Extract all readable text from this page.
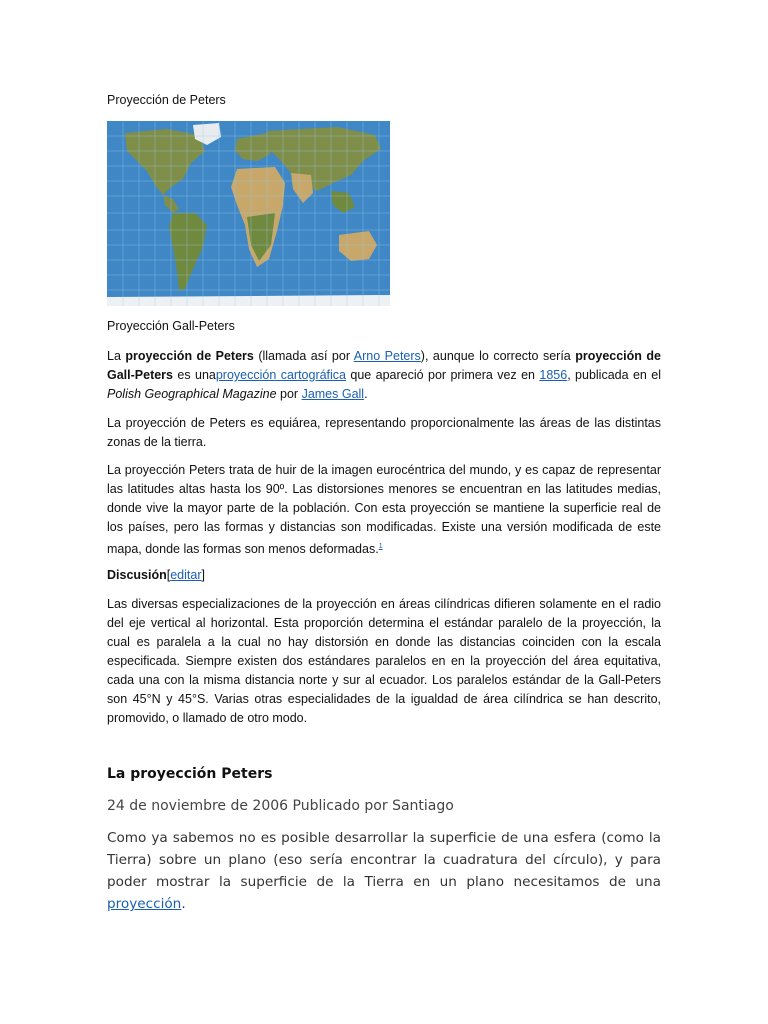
Proyección de Peters
Proyección Gall-Peters

La proyección de Peters (llamada así por Arno Peters), aunque lo correcto sería proyección de Gall-Peters es unaproyección cartográfica que apareció por primera vez en 1856, publicada en el Polish Geographical Magazine por James Gall.

La proyección de Peters es equiárea, representando proporcionalmente las áreas de las distintas zonas de la tierra.

La proyección Peters trata de huir de la imagen eurocéntrica del mundo, y es capaz de representar las latitudes altas hasta los 90º. Las distorsiones menores se encuentran en las latitudes medias, donde vive la mayor parte de la población. Con esta proyección se mantiene la superficie real de los países, pero las formas y distancias son modificadas. Existe una versión modificada de este mapa, donde las formas son menos deformadas.$^1$

Discusión[editar]

Las diversas especializaciones de la proyección en áreas cilíndricas difieren solamente en el radio del eje vertical al horizontal. Esta proporción determina el estándar paralelo de la proyección, la cual es paralela a la cual no hay distorsión en donde las distancias coinciden con la escala especificada. Siempre existen dos estándares paralelos en en la proyección del área equitativa, cada una con la misma distancia norte y sur al ecuador. Los paralelos estándar de la Gall-Peters son 45°N y 45°S. Varias otras especialidades de la igualdad de área cilíndrica se han descrito, promovido, o llamado de otro modo.

La proyección Peters
24 de noviembre de 2006 Publicado por Santiago

Como ya sabemos no es posible desarrollar la superficie de una esfera (como la Tierra) sobre un plano (eso sería encontrar la cuadratura del círculo), y para poder mostrar la superficie de la Tierra en un plano necesitamos de una proyección.
